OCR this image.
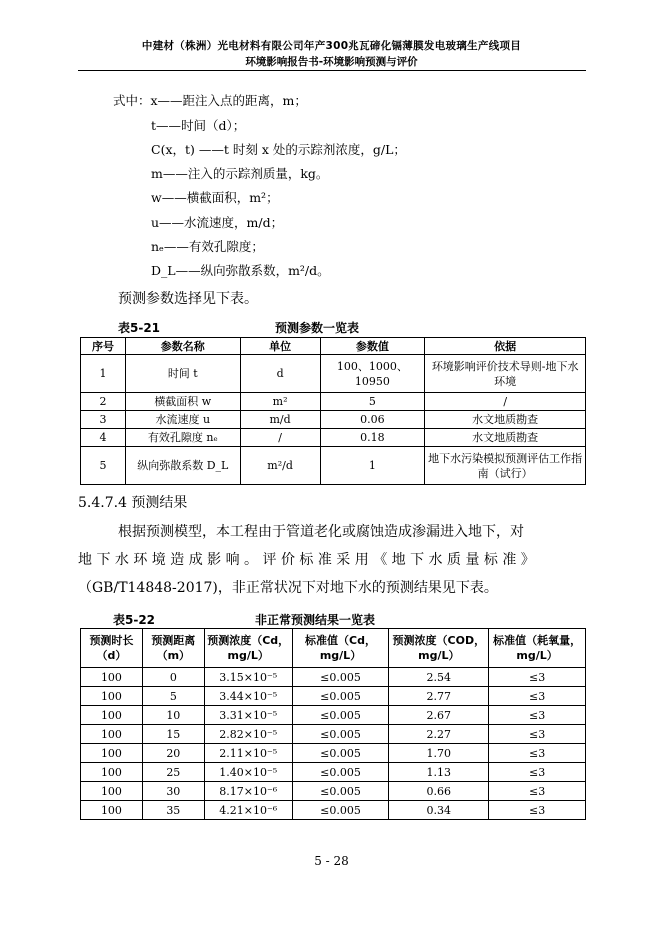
中建材（株洲）光电材料有限公司年产300兆瓦碲化镉薄膜发电玻璃生产线项目
环境影响报告书-环境影响预测与评价
式中：x——距注入点的距离，m；
t——时间（d）；
C(x，t) ——t 时刻 x 处的示踪剂浓度，g/L；
m——注入的示踪剂质量，kg。
w——横截面积，m²；
u——水流速度，m/d；
nₑ——有效孔隙度；
D_L——纵向弥散系数，m²/d。
预测参数选择见下表。
表5-21	预测参数一览表
序号	参数名称	单位	参数值	依据
1	时间 t	d	100、1000、10950	环境影响评价技术导则-地下水环境
2	横截面积 w	m²	5	/
3	水流速度 u	m/d	0.06	水文地质勘查
4	有效孔隙度 nₑ	/	0.18	水文地质勘查
5	纵向弥散系数 D_L	m²/d	1	地下水污染模拟预测评估工作指南（试行）
5.4.7.4 预测结果
根据预测模型，本工程由于管道老化或腐蚀造成渗漏进入地下，对
地 下 水 环 境 造 成 影 响 。 评 价 标 准 采 用 《 地 下 水 质 量 标 准 》
（GB/T14848-2017)，非正常状况下对地下水的预测结果见下表。
表5-22	非正常预测结果一览表
预测时长（d）	预测距离（m）	预测浓度（Cd，mg/L）	标准值（Cd，mg/L）	预测浓度（COD，mg/L）	标准值（耗氧量，mg/L）
100	0	3.15×10⁻⁵	≤0.005	2.54	≤3
100	5	3.44×10⁻⁵	≤0.005	2.77	≤3
100	10	3.31×10⁻⁵	≤0.005	2.67	≤3
100	15	2.82×10⁻⁵	≤0.005	2.27	≤3
100	20	2.11×10⁻⁵	≤0.005	1.70	≤3
100	25	1.40×10⁻⁵	≤0.005	1.13	≤3
100	30	8.17×10⁻⁶	≤0.005	0.66	≤3
100	35	4.21×10⁻⁶	≤0.005	0.34	≤3
5 - 28
